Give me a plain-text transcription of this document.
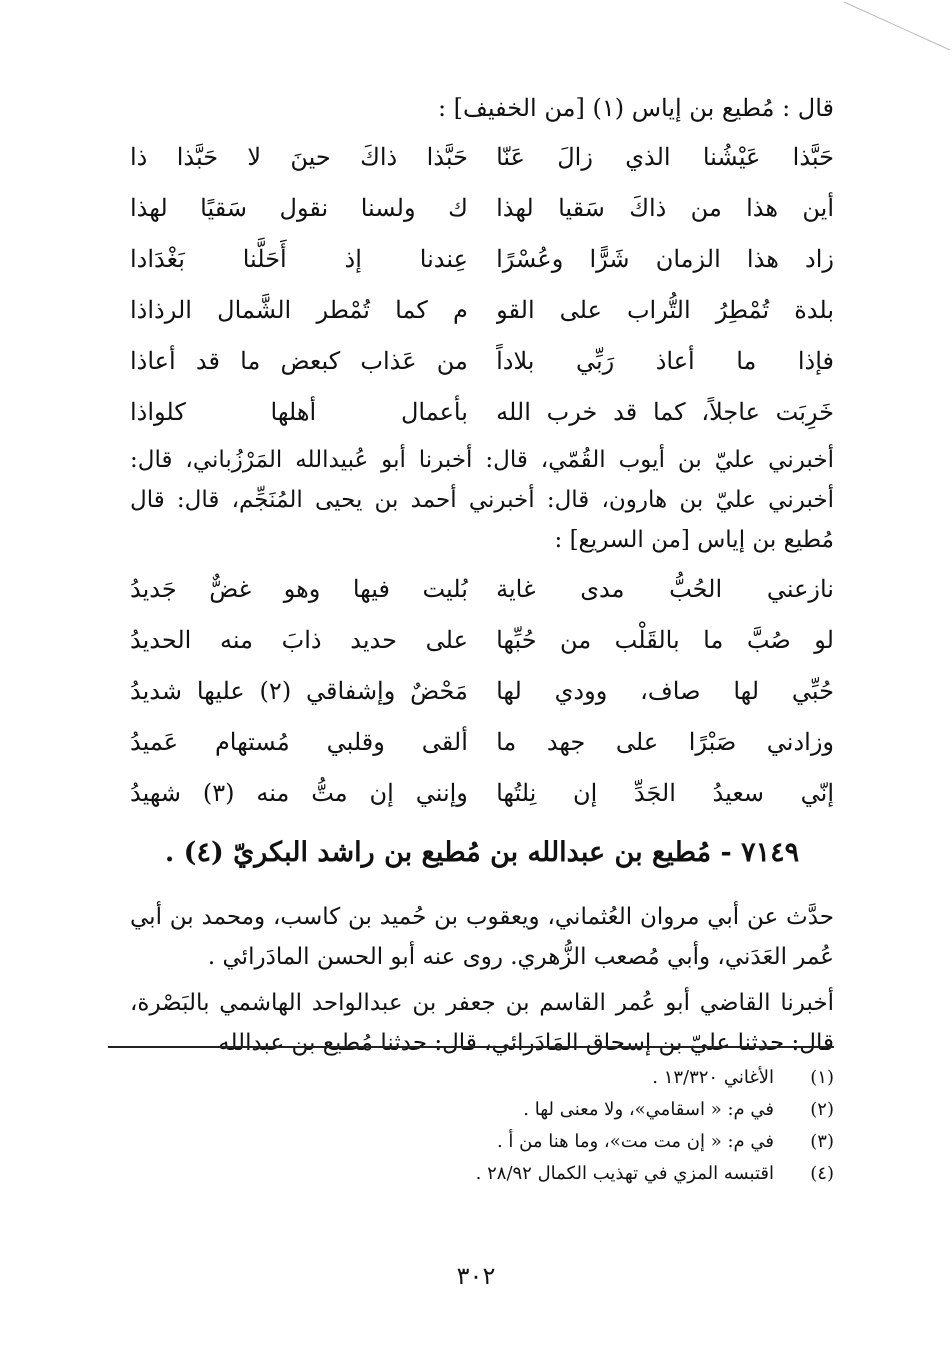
قال : مُطيع بن إياس (١) [من الخفيف] :

حَبَّذا عَيْشُنا الذي زالَ عَنّا
حَبَّذا ذاكَ حينَ لا حَبَّذا ذا
أين هذا من ذاكَ سَقيا لهذا
ك ولسنا نقول سَقيًا لهذا
زاد هذا الزمان شَرًّا وعُسْرًا
عِندنا إذ أَحَلَّنا بَغْدَادا
بلدة تُمْطِرُ التُّراب على القو
م كما تُمْطر الشَّمال الرذاذا
فإذا ما أعاذ رَبِّي بلاداً
من عَذاب كبعض ما قد أعاذا
خَرِبَت عاجلاً، كما قد خرب الله
بأعمال أهلها كلواذا

أخبرني عليّ بن أيوب القُمّي، قال: أخبرنا أبو عُبيدالله المَرْزُباني، قال: أخبرني عليّ بن هارون، قال: أخبرني أحمد بن يحيى المُنَجِّم، قال: قال مُطيع بن إياس [من السريع] :

نازعني الحُبُّ مدى غاية
بُليت فيها وهو غضٌّ جَديدُ
لو صُبَّ ما بالقَلْب من حُبِّها
على حديد ذابَ منه الحديدُ
حُبِّي لها صاف، وودي لها
مَحْضٌ وإشفاقي (٢) عليها شديدُ
وزادني صَبْرًا على جهد ما
ألقى وقلبي مُستهام عَميدُ
إنّي سعيدُ الجَدِّ إن نِلتُها
وإنني إن متُّ منه (٣) شهيدُ
٧١٤٩ - مُطيع بن عبدالله بن مُطيع بن راشد البكريّ (٤) .

حدَّث عن أبي مروان العُثماني، ويعقوب بن حُميد بن كاسب، ومحمد بن أبي عُمر العَدَني، وأبي مُصعب الزُّهري. روى عنه أبو الحسن المادَرائي .

أخبرنا القاضي أبو عُمر القاسم بن جعفر بن عبدالواحد الهاشمي بالبَصْرة، قال: حدثنا عليّ بن إسحاق المَادَرائي، قال: حدثنا مُطيع بن عبدالله

(١)
الأغاني ١٣/٣٢٠ .
(٢)
في م: « اسقامي»، ولا معنى لها .
(٣)
في م: « إن مت مت»، وما هنا من أ .
(٤)
اقتبسه المزي في تهذيب الكمال ٢٨/٩٢ .
٣٠٢
